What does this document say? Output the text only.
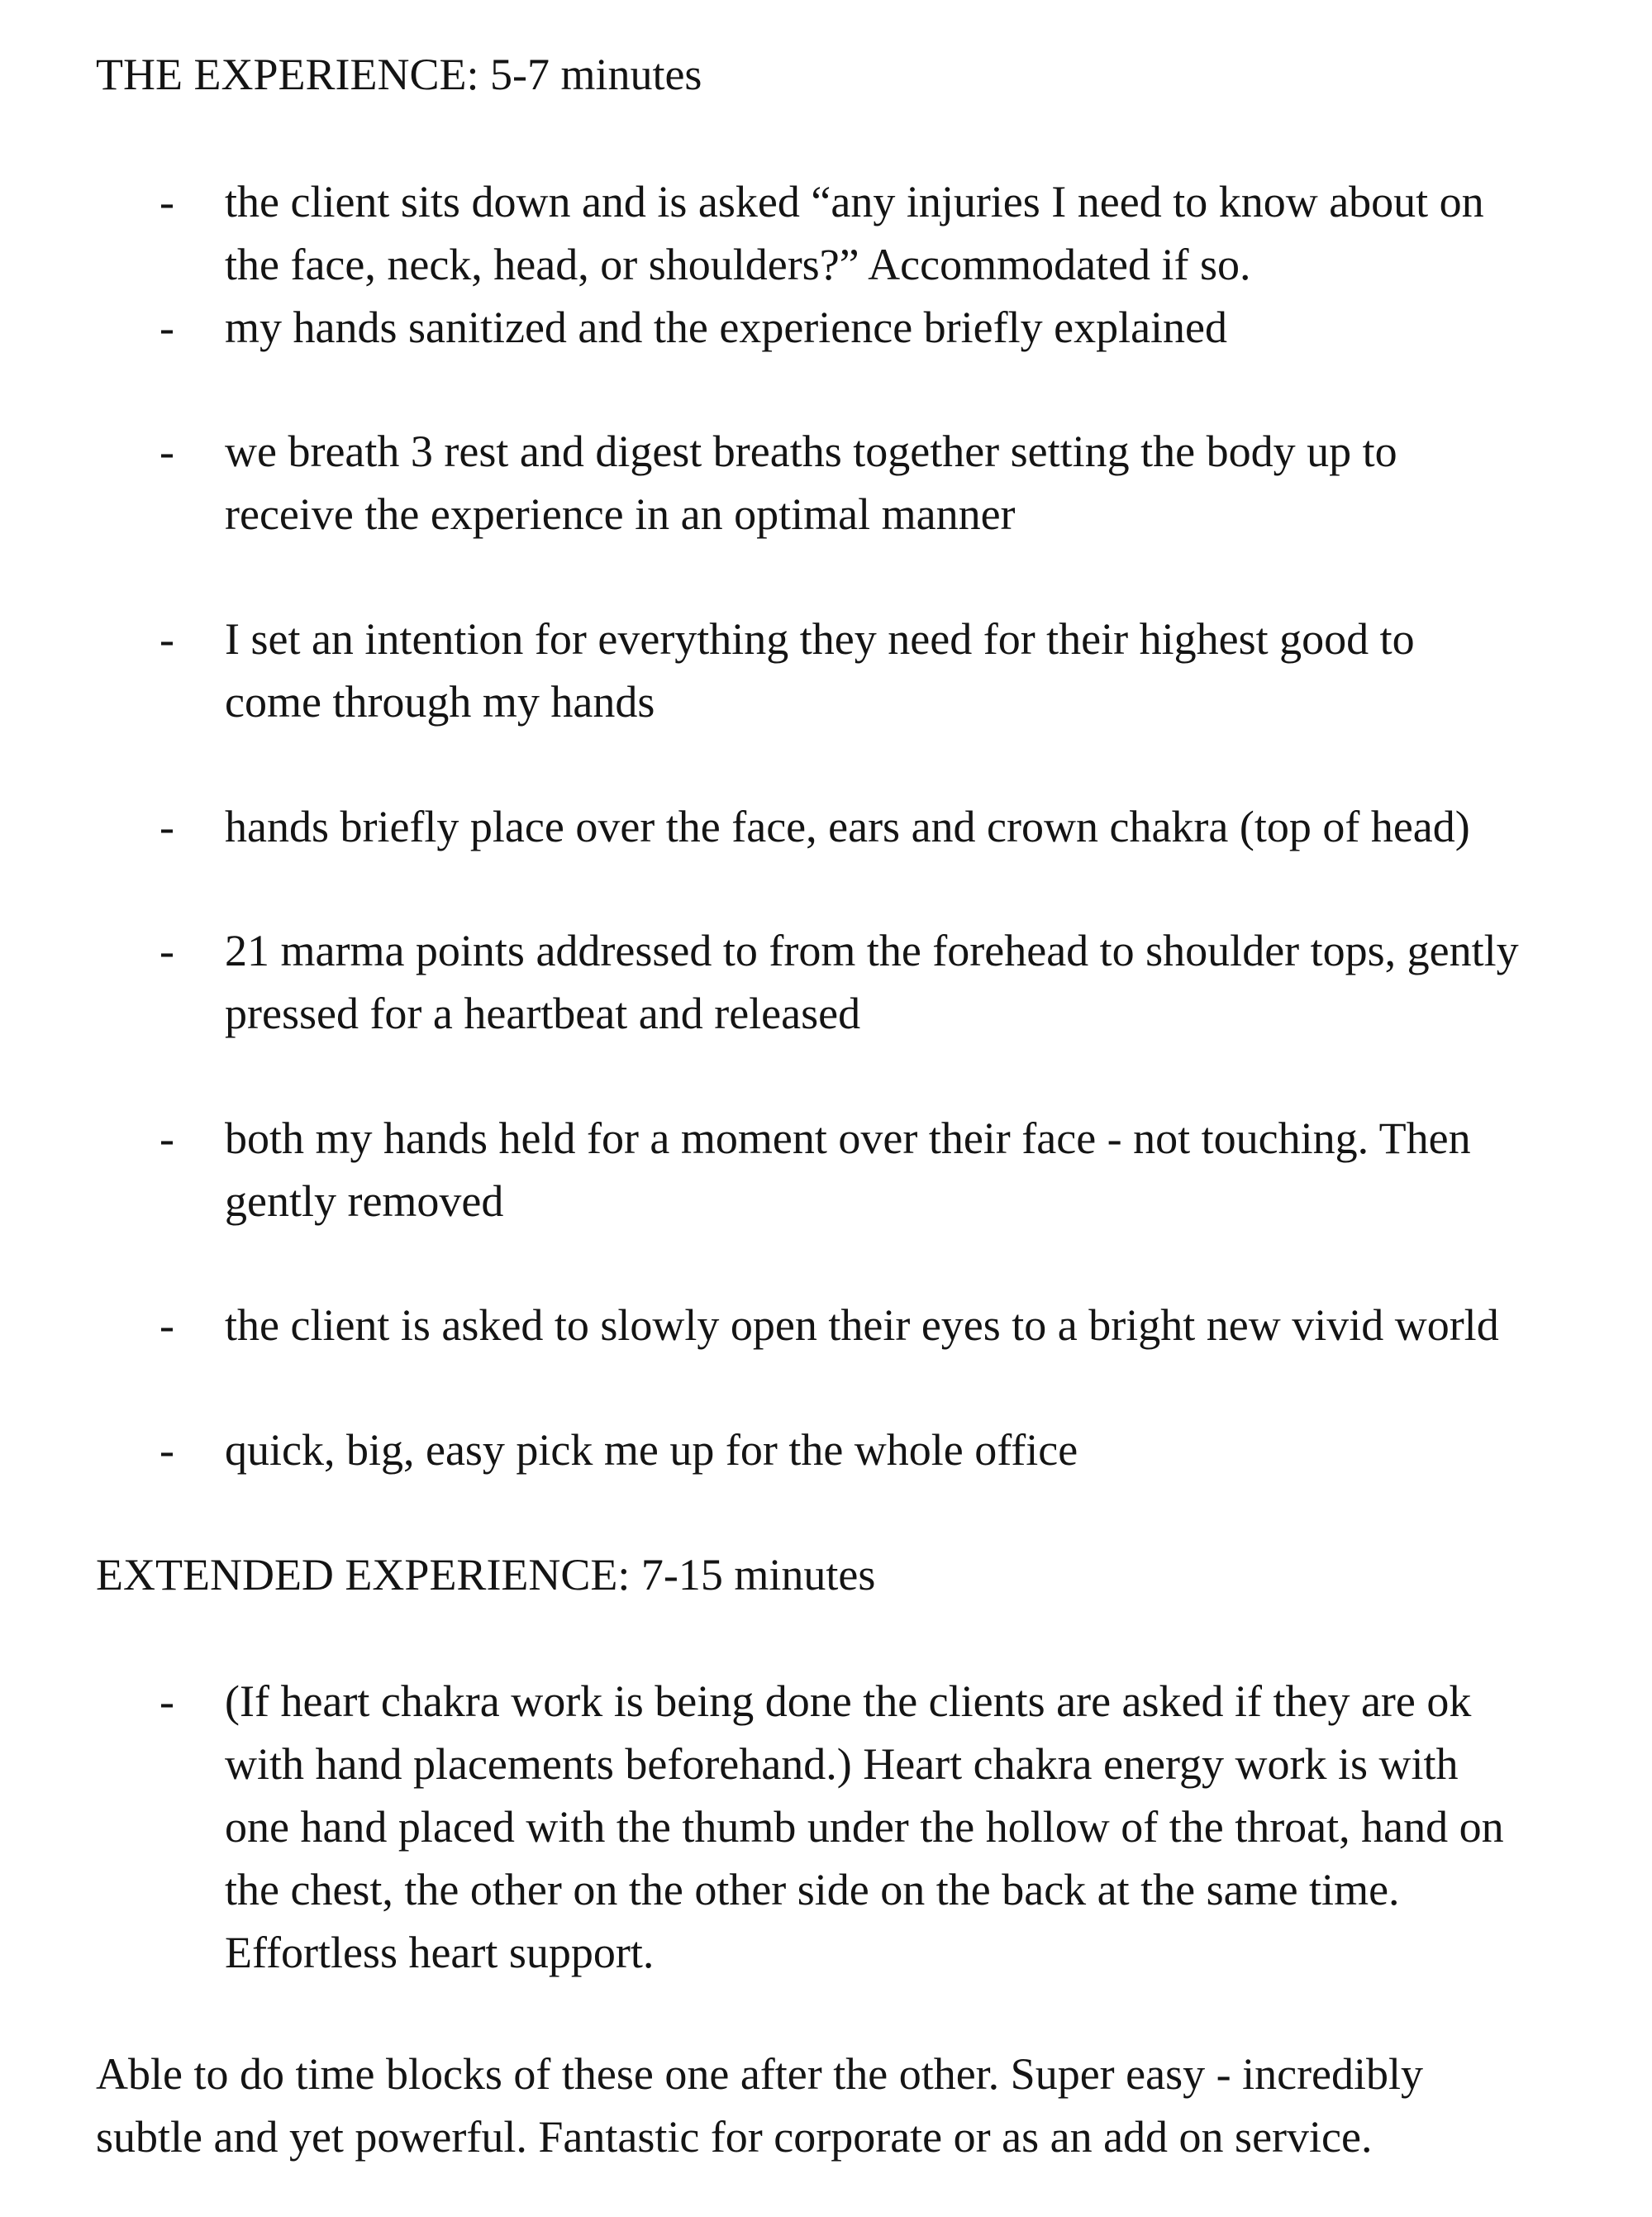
THE EXPERIENCE: 5-7 minutes
- the client sits down and is asked “any injuries I need to know about on
the face, neck, head, or shoulders?” Accommodated if so.
- my hands sanitized and the experience briefly explained
- we breath 3 rest and digest breaths together setting the body up to
receive the experience in an optimal manner
- I set an intention for everything they need for their highest good to
come through my hands
- hands briefly place over the face, ears and crown chakra (top of head)
- 21 marma points addressed to from the forehead to shoulder tops, gently
pressed for a heartbeat and released
- both my hands held for a moment over their face - not touching. Then
gently removed
- the client is asked to slowly open their eyes to a bright new vivid world
- quick, big, easy pick me up for the whole office
EXTENDED EXPERIENCE: 7-15 minutes
- (If heart chakra work is being done the clients are asked if they are ok
with hand placements beforehand.) Heart chakra energy work is with
one hand placed with the thumb under the hollow of the throat, hand on
the chest, the other on the other side on the back at the same time.
Effortless heart support.
Able to do time blocks of these one after the other. Super easy - incredibly
subtle and yet powerful. Fantastic for corporate or as an add on service.
